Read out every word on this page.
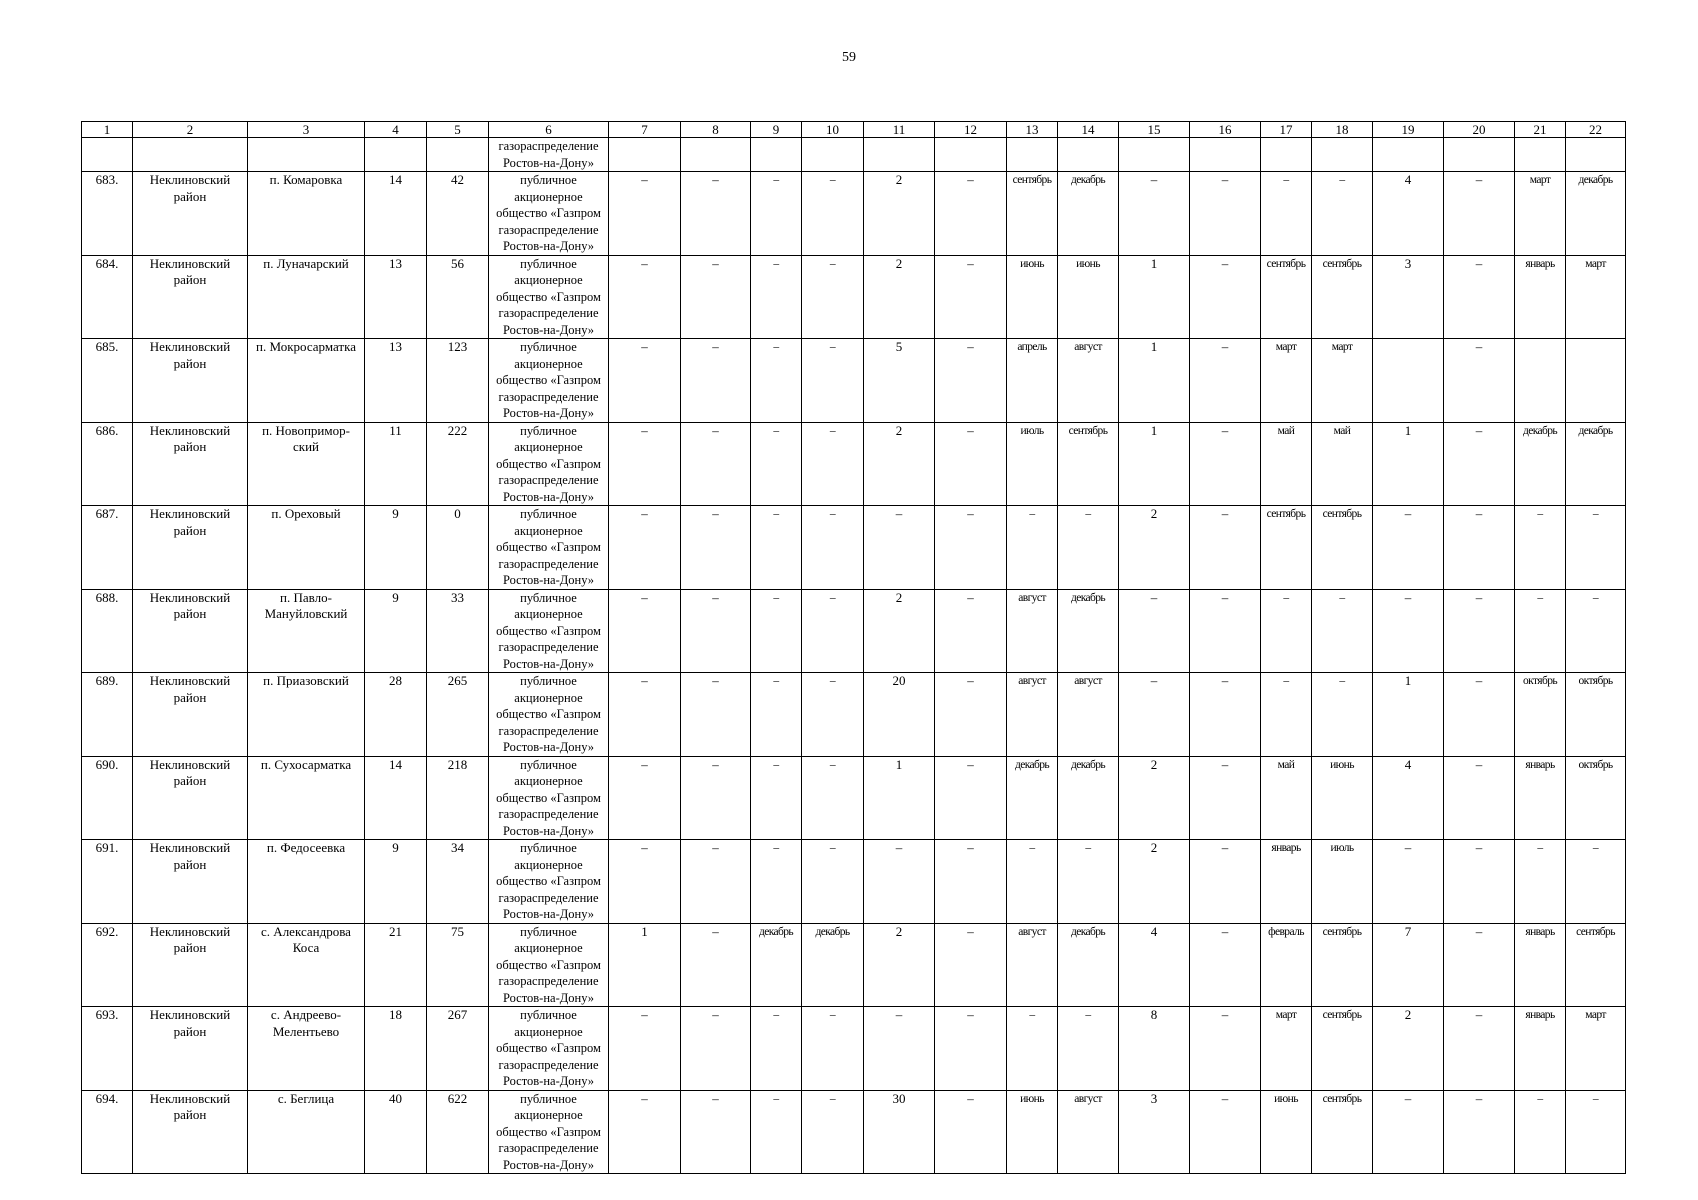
59
1	2	3	4	5	6	7	8	9	10	11	12	13	14	15	16	17	18	19	20	21	22
					газораспределение Ростов-на-Дону»																
683.	Неклиновский район	п. Комаровка	14	42	публичное акционерное общество «Газпром газораспределение Ростов-на-Дону»	–	–	–	–	2	–	сентябрь	декабрь	–	–	–	–	4	–	март	декабрь
684.	Неклиновский район	п. Луначарский	13	56	публичное акционерное общество «Газпром газораспределение Ростов-на-Дону»	–	–	–	–	2	–	июнь	июнь	1	–	сентябрь	сентябрь	3	–	январь	март
685.	Неклиновский район	п. Мокросарматка	13	123	публичное акционерное общество «Газпром газораспределение Ростов-на-Дону»	–	–	–	–	5	–	апрель	август	1	–	март	март		–		
686.	Неклиновский район	п. Новопримор-ский	11	222	публичное акционерное общество «Газпром газораспределение Ростов-на-Дону»	–	–	–	–	2	–	июль	сентябрь	1	–	май	май	1	–	декабрь	декабрь
687.	Неклиновский район	п. Ореховый	9	0	публичное акционерное общество «Газпром газораспределение Ростов-на-Дону»	–	–	–	–	–	–	–	–	2	–	сентябрь	сентябрь	–	–	–	–
688.	Неклиновский район	п. Павло-Мануйловский	9	33	публичное акционерное общество «Газпром газораспределение Ростов-на-Дону»	–	–	–	–	2	–	август	декабрь	–	–	–	–	–	–	–	–
689.	Неклиновский район	п. Приазовский	28	265	публичное акционерное общество «Газпром газораспределение Ростов-на-Дону»	–	–	–	–	20	–	август	август	–	–	–	–	1	–	октябрь	октябрь
690.	Неклиновский район	п. Сухосарматка	14	218	публичное акционерное общество «Газпром газораспределение Ростов-на-Дону»	–	–	–	–	1	–	декабрь	декабрь	2	–	май	июнь	4	–	январь	октябрь
691.	Неклиновский район	п. Федосеевка	9	34	публичное акционерное общество «Газпром газораспределение Ростов-на-Дону»	–	–	–	–	–	–	–	–	2	–	январь	июль	–	–	–	–
692.	Неклиновский район	с. Александрова Коса	21	75	публичное акционерное общество «Газпром газораспределение Ростов-на-Дону»	1	–	декабрь	декабрь	2	–	август	декабрь	4	–	февраль	сентябрь	7	–	январь	сентябрь
693.	Неклиновский район	с. Андреево-Мелентьево	18	267	публичное акционерное общество «Газпром газораспределение Ростов-на-Дону»	–	–	–	–	–	–	–	–	8	–	март	сентябрь	2	–	январь	март
694.	Неклиновский район	с. Беглица	40	622	публичное акционерное общество «Газпром газораспределение Ростов-на-Дону»	–	–	–	–	30	–	июнь	август	3	–	июнь	сентябрь	–	–	–	–
